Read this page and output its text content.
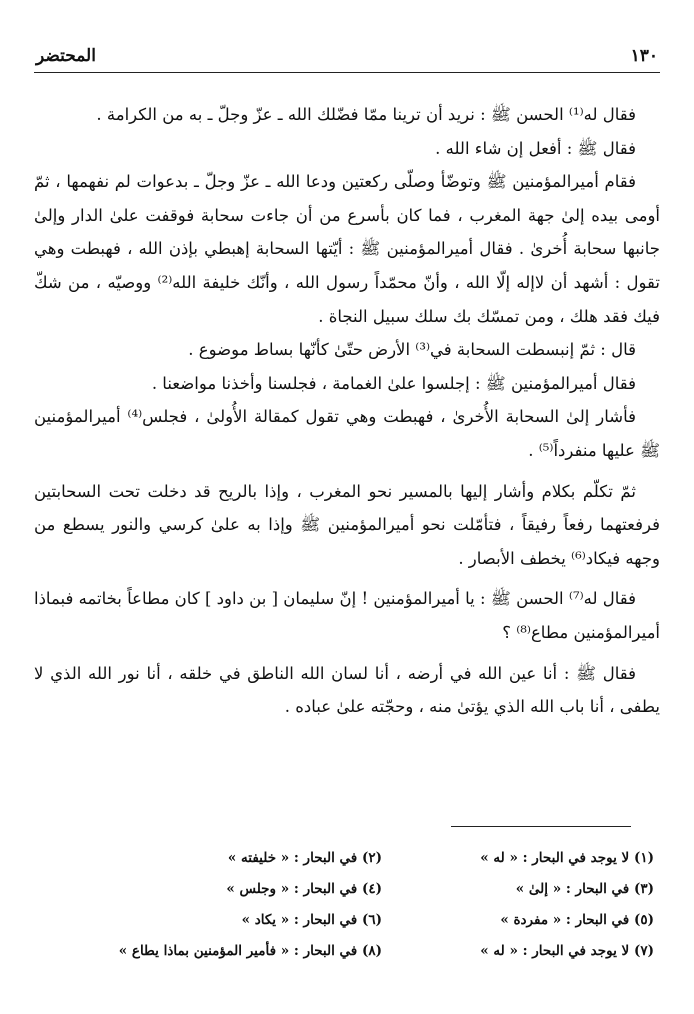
١٣٠
المحتضر

فقال له⁽¹⁾ الحسن ﷺ : نريد أن ترينا ممّا فضّلك الله ـ عزّ وجلّ ـ به من الكرامة .

فقال ﷺ : أفعل إن شاء الله .

فقام أميرالمؤمنين ﷺ وتوضّأ وصلّى ركعتين ودعا الله ـ عزّ وجلّ ـ بدعوات لم نفهمها ، ثمّ أومى بيده إلىٰ جهة المغرب ، فما كان بأسرع من أن جاءت سحابة فوقفت علىٰ الدار وإلىٰ جانبها سحابة أُخرىٰ . فقال أميرالمؤمنين ﷺ : أيّتها السحابة إهبطي بإذن الله ، فهبطت وهي تقول : أشهد أن لاإله إلّا الله ، وأنّ محمّداً رسول الله ، وأنّك خليفة الله⁽²⁾ ووصيّه ، من شكّ فيك فقد هلك ، ومن تمسّك بك سلك سبيل النجاة .

قال : ثمّ إنبسطت السحابة في⁽³⁾ الأرض حتّىٰ كأنّها بساط موضوع .

فقال أميرالمؤمنين ﷺ : إجلسوا علىٰ الغمامة ، فجلسنا وأخذنا مواضعنا .

فأشار إلىٰ السحابة الأُخرىٰ ، فهبطت وهي تقول كمقالة الأُولىٰ ، فجلس⁽⁴⁾ أميرالمؤمنين ﷺ عليها منفرداً⁽⁵⁾ .

ثمّ تكلّم بكلام وأشار إليها بالمسير نحو المغرب ، وإذا بالريح قد دخلت تحت السحابتين فرفعتهما رفعاً رفيقاً ، فتأمّلت نحو أميرالمؤمنين ﷺ وإذا به علىٰ كرسي والنور يسطع من وجهه فيكاد⁽⁶⁾ يخطف الأبصار .

فقال له⁽⁷⁾ الحسن ﷺ : يا أميرالمؤمنين ! إنّ سليمان [ بن داود ] كان مطاعاً بخاتمه فبماذا أميرالمؤمنين مطاع⁽⁸⁾ ؟

فقال ﷺ : أنا عين الله في أرضه ، أنا لسان الله الناطق في خلقه ، أنا نور الله الذي لا يطفى ، أنا باب الله الذي يؤتىٰ منه ، وحجّته علىٰ عباده .

(١) لا يوجد في البحار : « له »
(٢) في البحار : « خليفته »
(٣) في البحار : « إلىٰ »
(٤) في البحار : « وجلس »
(٥) في البحار : « مفردة »
(٦) في البحار : « يكاد »
(٧) لا يوجد في البحار : « له »
(٨) في البحار : « فأمير المؤمنين بماذا يطاع »
